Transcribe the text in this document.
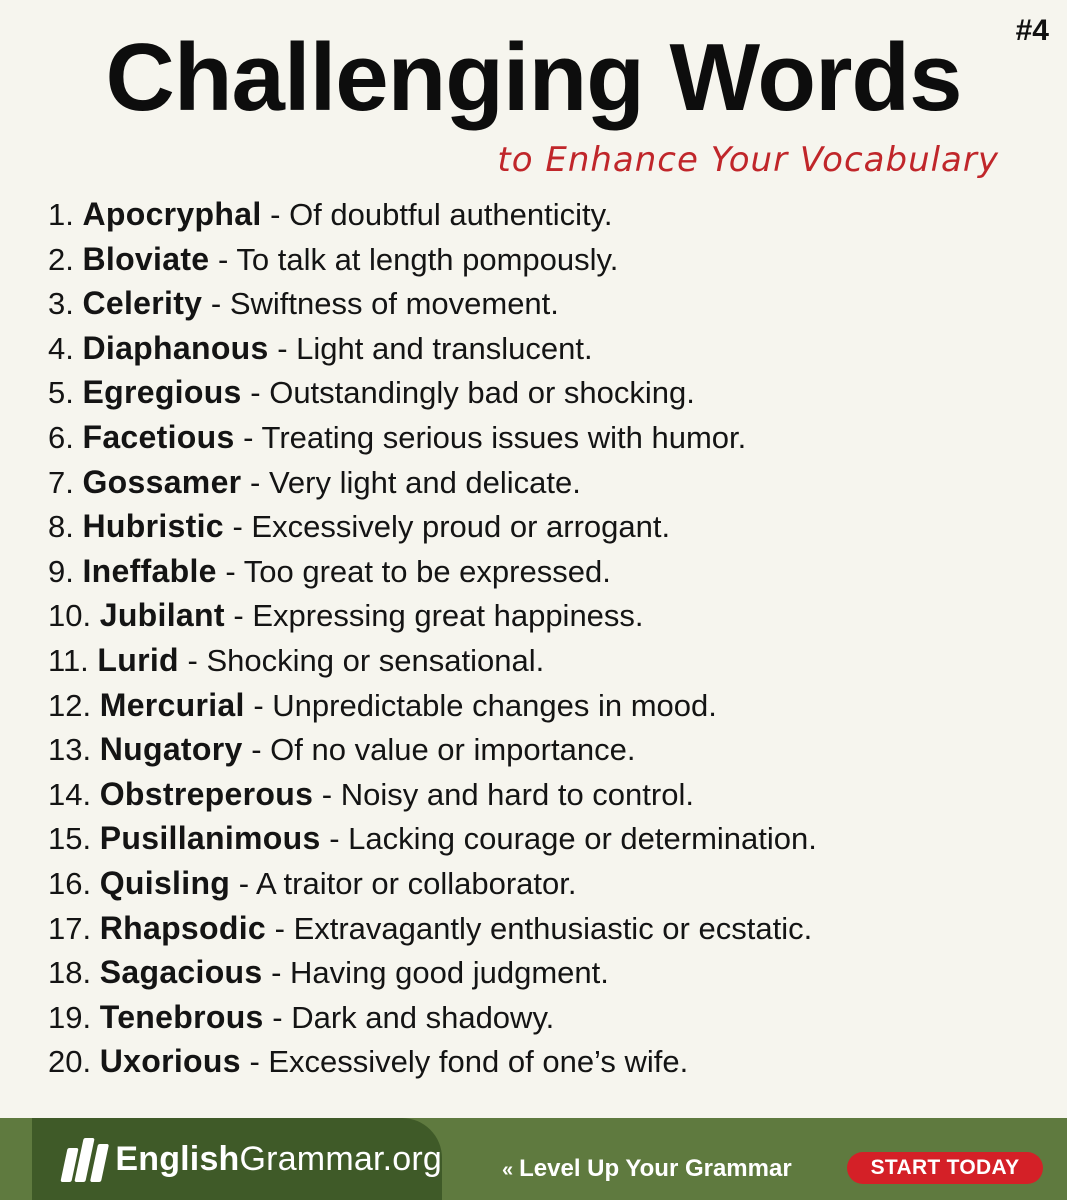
#4
Challenging Words
to Enhance Your Vocabulary
1. Apocryphal - Of doubtful authenticity.
2. Bloviate - To talk at length pompously.
3. Celerity - Swiftness of movement.
4. Diaphanous - Light and translucent.
5. Egregious - Outstandingly bad or shocking.
6. Facetious - Treating serious issues with humor.
7. Gossamer - Very light and delicate.
8. Hubristic - Excessively proud or arrogant.
9. Ineffable - Too great to be expressed.
10. Jubilant - Expressing great happiness.
11. Lurid - Shocking or sensational.
12. Mercurial - Unpredictable changes in mood.
13. Nugatory - Of no value or importance.
14. Obstreperous - Noisy and hard to control.
15. Pusillanimous - Lacking courage or determination.
16. Quisling - A traitor or collaborator.
17. Rhapsodic - Extravagantly enthusiastic or ecstatic.
18. Sagacious - Having good judgment.
19. Tenebrous - Dark and shadowy.
20. Uxorious - Excessively fond of one’s wife.
EnglishGrammar.org	« Level Up Your Grammar	START TODAY
